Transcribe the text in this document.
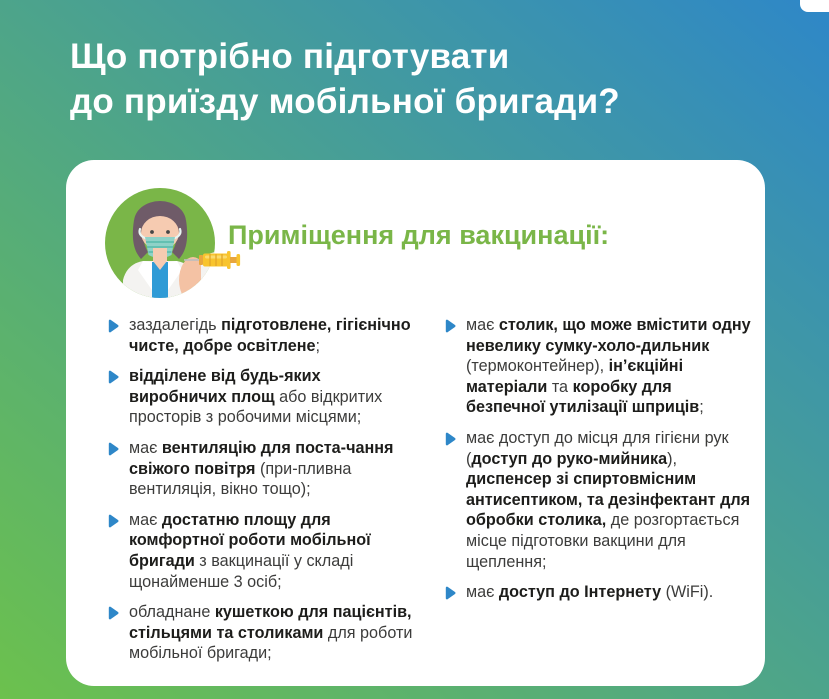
Що потрібно підготувати
до приїзду мобільної бригади?
Приміщення для вакцинації:
заздалегідь підготовлене, гігієнічно чисте, добре освітлене;
відділене від будь-яких виробничих площ або відкритих просторів з робочими місцями;
має вентиляцію для поста-чання свіжого повітря (при-пливна вентиляція, вікно тощо);
має достатню площу для комфортної роботи мобільної бригади з вакцинації у складі щонайменше 3 осіб;
обладнане кушеткою для пацієнтів, стільцями та столиками для роботи мобільної бригади;
має столик, що може вмістити одну невелику сумку-холо-дильник (термоконтейнер), ін’єкційні матеріали та коробку для безпечної утилізації шприців;
має доступ до місця для гігієни рук (доступ до руко-мийника), диспенсер зі спиртовмісним антисептиком, та дезінфектант для обробки столика, де розгортається місце підготовки вакцини для щеплення;
має доступ до Інтернету (WiFi).
